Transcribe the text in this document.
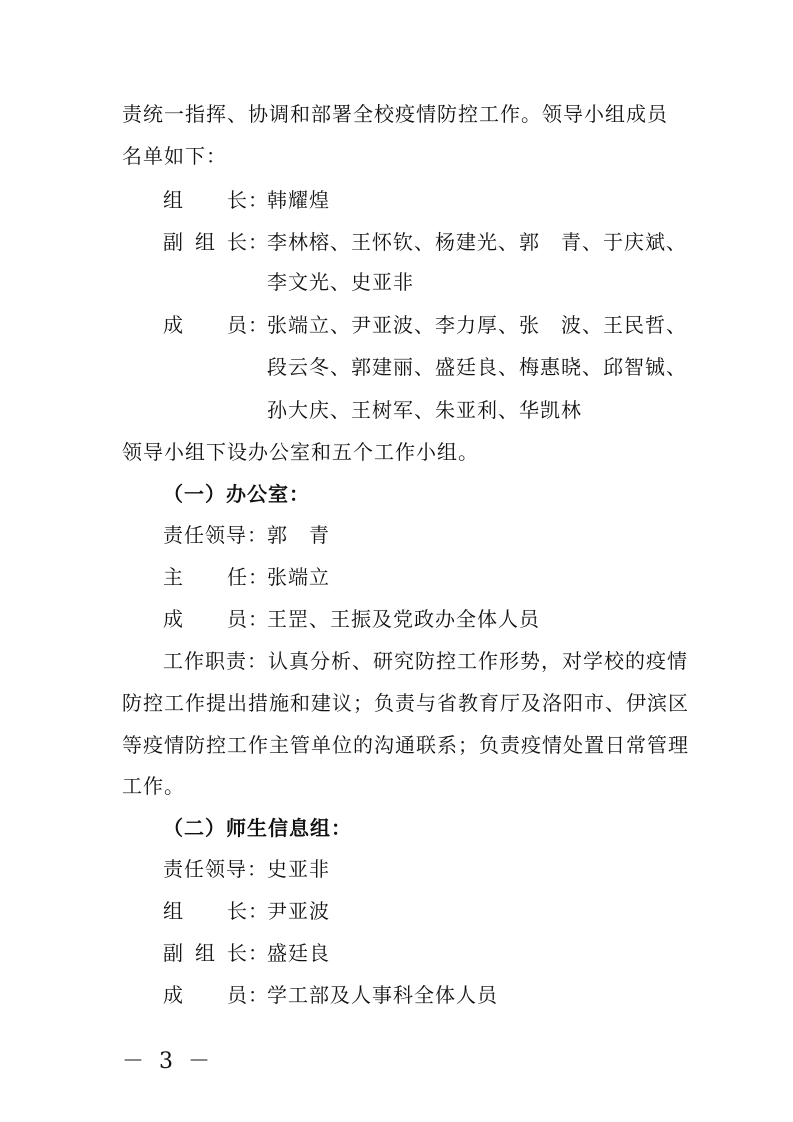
责统一指挥、协调和部署全校疫情防控工作。领导小组成员

名单如下：

组 长 ：
韩耀煌
副 组 长 ：
李林榕、王怀钦、杨建光、郭　青、于庆斌、

李文光、史亚非

成 员 ：
张端立、尹亚波、李力厚、张　波、王民哲、

段云冬、郭建丽、盛廷良、梅惠晓、邱智铖、

孙大庆、王树军、朱亚利、华凯林

领导小组下设办公室和五个工作小组。

（一）办公室：

责任领导： 郭　青
主 任 ：
张端立
成 员 ：
王罡、王振及党政办全体人员

工作职责：认真分析、研究防控工作形势，对学校的疫情

防控工作提出措施和建议；负责与省教育厅及洛阳市、伊滨区

等疫情防控工作主管单位的沟通联系；负责疫情处置日常管理

工作。

（二）师生信息组：

责任领导： 史亚非
组 长 ：
尹亚波
副 组 长 ：
盛廷良
成 员 ：
学工部及人事科全体人员
－ 3 －
